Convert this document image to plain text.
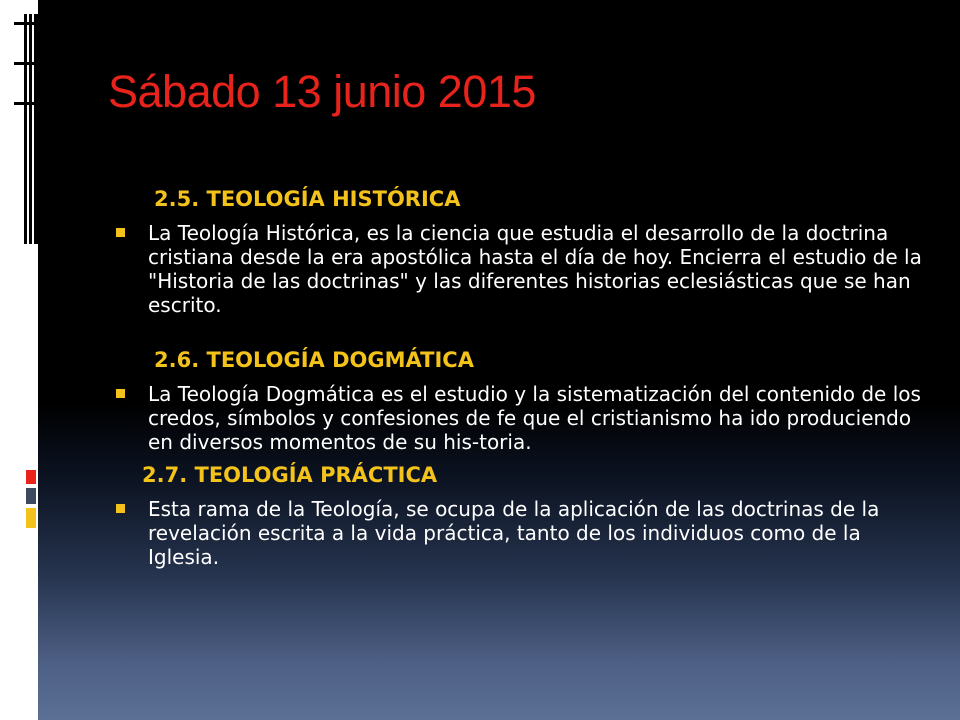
Sábado 13 junio 2015
2.5. TEOLOGÍA HISTÓRICA
La Teología Histórica, es la ciencia que estudia el desarrollo de la doctrina cristiana desde la era apostólica hasta el día de hoy. Encierra el estudio de la "Historia de las doctrinas" y las diferentes historias eclesiásticas que se han escrito.
2.6. TEOLOGÍA DOGMÁTICA
La Teología Dogmática es el estudio y la sistematización del contenido de los credos, símbolos y confesiones de fe que el cristianismo ha ido produciendo en diversos momentos de su his-toria.
2.7. TEOLOGÍA PRÁCTICA
Esta rama de la Teología, se ocupa de la aplicación de las doctrinas de la revelación escrita a la vida práctica, tanto de los individuos como de la Iglesia.
